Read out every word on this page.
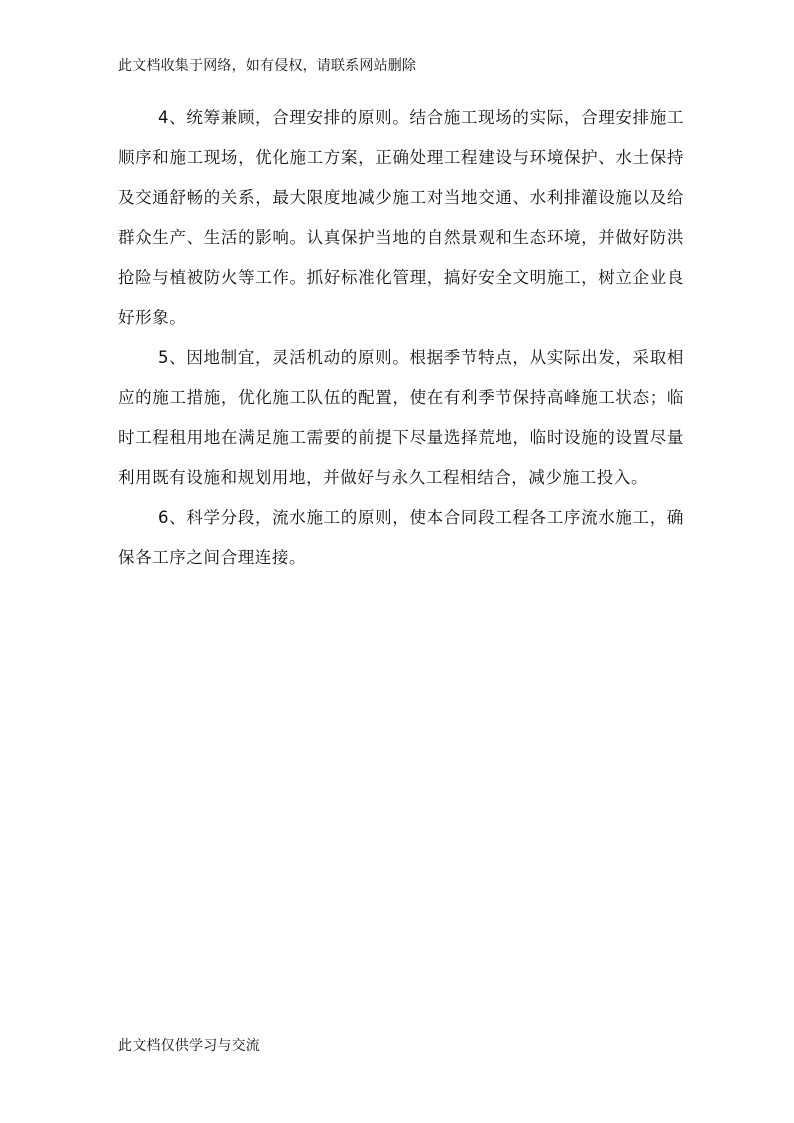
此文档收集于网络，如有侵权，请联系网站删除

4、统筹兼顾，合理安排的原则。结合施工现场的实际，合理安排施工顺序和施工现场，优化施工方案，正确处理工程建设与环境保护、水土保持及交通舒畅的关系，最大限度地减少施工对当地交通、水利排灌设施以及给群众生产、生活的影响。认真保护当地的自然景观和生态环境，并做好防洪抢险与植被防火等工作。抓好标准化管理，搞好安全文明施工，树立企业良好形象。

5、因地制宜，灵活机动的原则。根据季节特点，从实际出发，采取相应的施工措施，优化施工队伍的配置，使在有利季节保持高峰施工状态；临时工程租用地在满足施工需要的前提下尽量选择荒地，临时设施的设置尽量利用既有设施和规划用地，并做好与永久工程相结合，减少施工投入。

6、科学分段，流水施工的原则，使本合同段工程各工序流水施工，确保各工序之间合理连接。

此文档仅供学习与交流
